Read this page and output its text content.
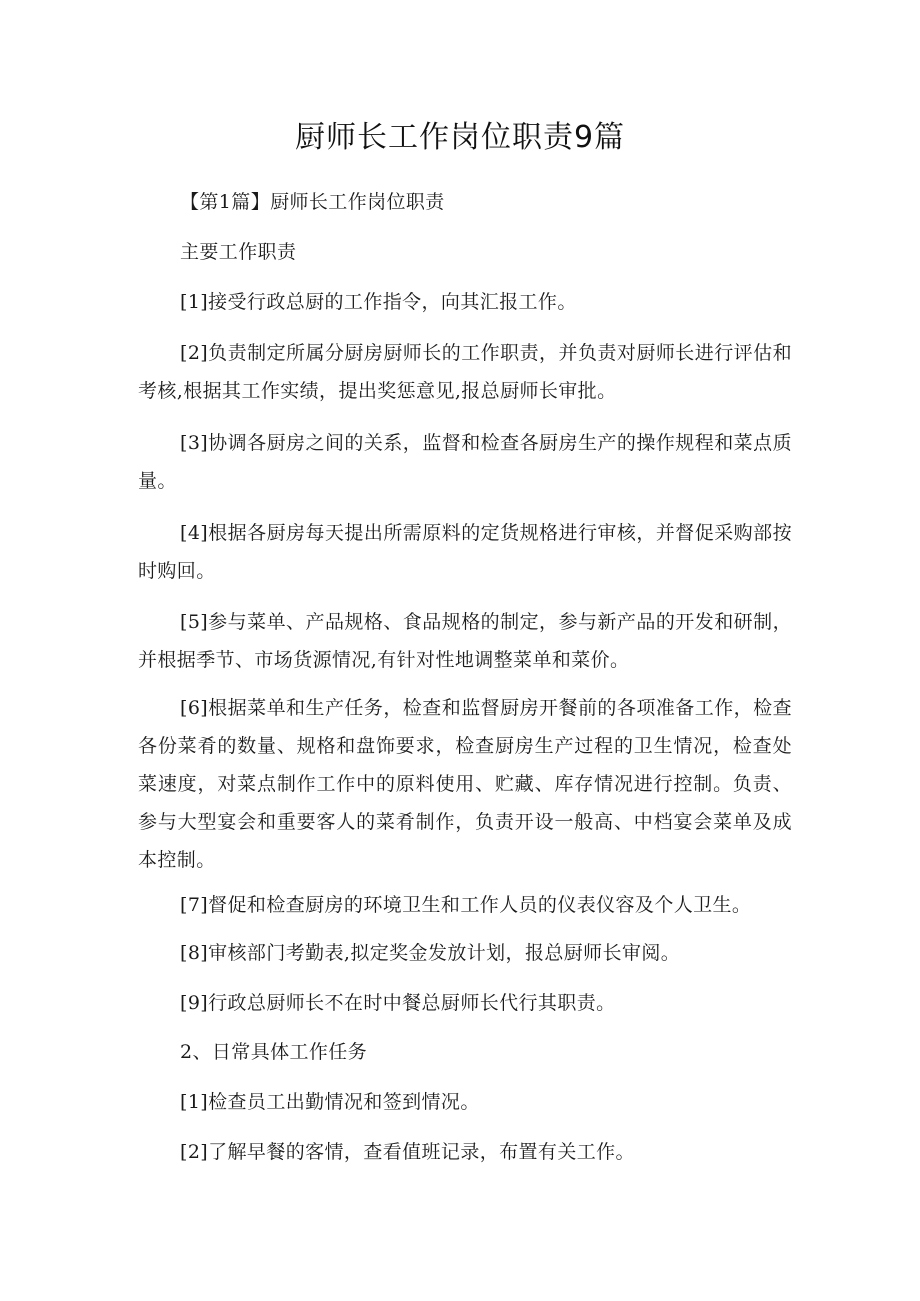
厨师长工作岗位职责9篇
【第1篇】厨师长工作岗位职责
主要工作职责
[1]接受行政总厨的工作指令，向其汇报工作。
[2]负责制定所属分厨房厨师长的工作职责，并负责对厨师长进行评估和考核,根据其工作实绩，提出奖惩意见,报总厨师长审批。
[3]协调各厨房之间的关系，监督和检查各厨房生产的操作规程和菜点质量。
[4]根据各厨房每天提出所需原料的定货规格进行审核，并督促采购部按时购回。
[5]参与菜单、产品规格、食品规格的制定，参与新产品的开发和研制，并根据季节、市场货源情况,有针对性地调整菜单和菜价。
[6]根据菜单和生产任务，检查和监督厨房开餐前的各项准备工作，检查各份菜肴的数量、规格和盘饰要求，检查厨房生产过程的卫生情况，检查处菜速度，对菜点制作工作中的原料使用、贮藏、库存情况进行控制。负责、参与大型宴会和重要客人的菜肴制作，负责开设一般高、中档宴会菜单及成本控制。
[7]督促和检查厨房的环境卫生和工作人员的仪表仪容及个人卫生。
[8]审核部门考勤表,拟定奖金发放计划，报总厨师长审阅。
[9]行政总厨师长不在时中餐总厨师长代行其职责。
2、日常具体工作任务
[1]检查员工出勤情况和签到情况。
[2]了解早餐的客情，查看值班记录，布置有关工作。
